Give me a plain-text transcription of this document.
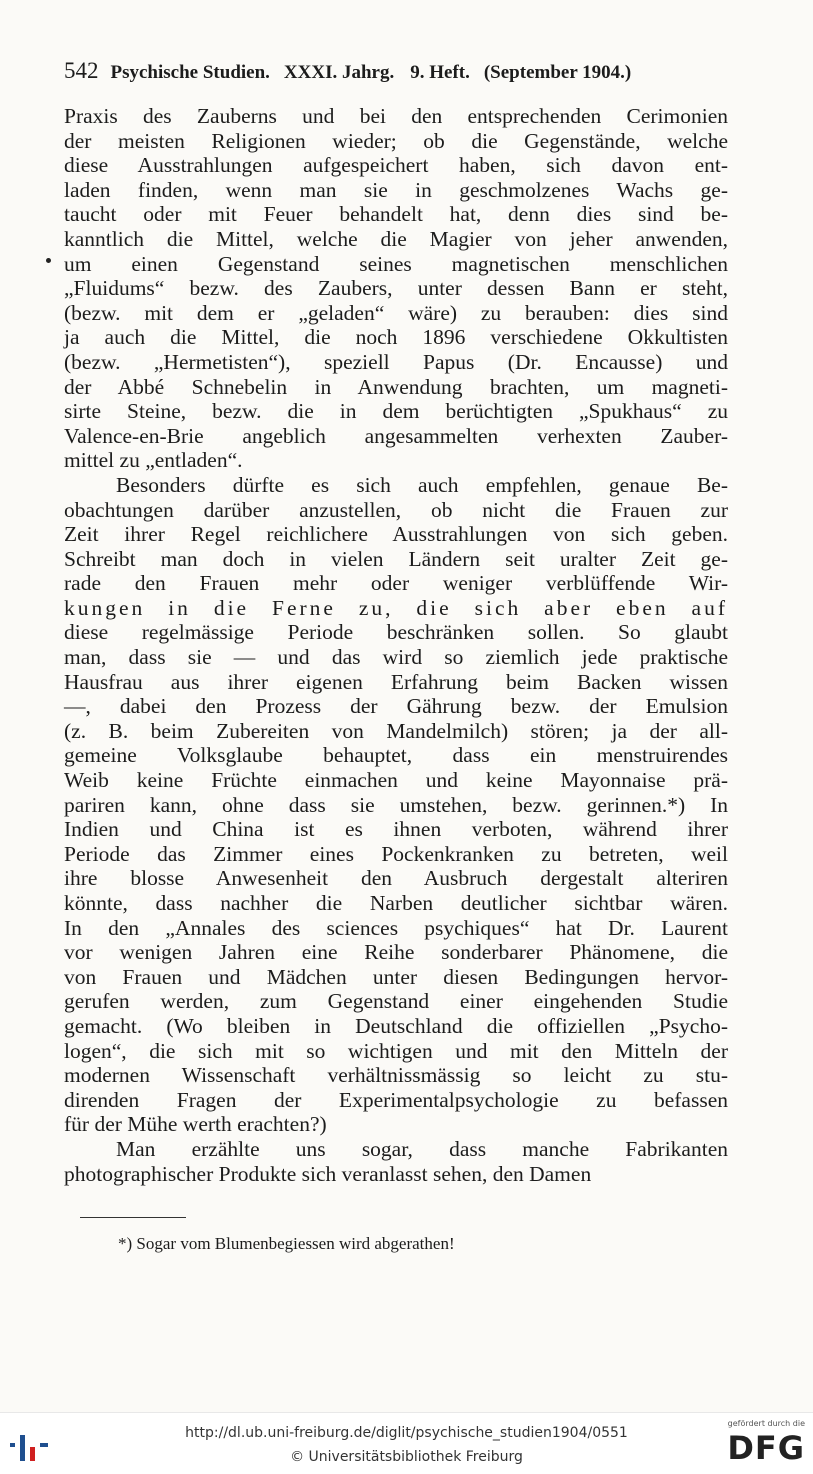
542 Psychische Studien. XXXI. Jahrg. 9. Heft. (September 1904.)
Praxis des Zauberns und bei den entsprechenden Cerimonien
der meisten Religionen wieder; ob die Gegenstände, welche
diese Ausstrahlungen aufgespeichert haben, sich davon ent-
laden finden, wenn man sie in geschmolzenes Wachs ge-
taucht oder mit Feuer behandelt hat, denn dies sind be-
kanntlich die Mittel, welche die Magier von jeher anwenden,
um einen Gegenstand seines magnetischen menschlichen
„Fluidums“ bezw. des Zaubers, unter dessen Bann er steht,
(bezw. mit dem er „geladen“ wäre) zu berauben: dies sind
ja auch die Mittel, die noch 1896 verschiedene Okkultisten
(bezw. „Hermetisten“), speziell Papus (Dr. Encausse) und
der Abbé Schnebelin in Anwendung brachten, um magneti-
sirte Steine, bezw. die in dem berüchtigten „Spukhaus“ zu
Valence-en-Brie angeblich angesammelten verhexten Zauber-
mittel zu „entladen“.
Besonders dürfte es sich auch empfehlen, genaue Be-
obachtungen darüber anzustellen, ob nicht die Frauen zur
Zeit ihrer Regel reichlichere Ausstrahlungen von sich geben.
Schreibt man doch in vielen Ländern seit uralter Zeit ge-
rade den Frauen mehr oder weniger verblüffende Wir-
kungen in die Ferne zu, die sich aber eben auf
diese regelmässige Periode beschränken sollen. So glaubt
man, dass sie — und das wird so ziemlich jede praktische
Hausfrau aus ihrer eigenen Erfahrung beim Backen wissen
—, dabei den Prozess der Gährung bezw. der Emulsion
(z. B. beim Zubereiten von Mandelmilch) stören; ja der all-
gemeine Volksglaube behauptet, dass ein menstruirendes
Weib keine Früchte einmachen und keine Mayonnaise prä-
pariren kann, ohne dass sie umstehen, bezw. gerinnen.*) In
Indien und China ist es ihnen verboten, während ihrer
Periode das Zimmer eines Pockenkranken zu betreten, weil
ihre blosse Anwesenheit den Ausbruch dergestalt alteriren
könnte, dass nachher die Narben deutlicher sichtbar wären.
In den „Annales des sciences psychiques“ hat Dr. Laurent
vor wenigen Jahren eine Reihe sonderbarer Phänomene, die
von Frauen und Mädchen unter diesen Bedingungen hervor-
gerufen werden, zum Gegenstand einer eingehenden Studie
gemacht. (Wo bleiben in Deutschland die offiziellen „Psycho-
logen“, die sich mit so wichtigen und mit den Mitteln der
modernen Wissenschaft verhältnissmässig so leicht zu stu-
direnden Fragen der Experimentalpsychologie zu befassen
für der Mühe werth erachten?)
Man erzählte uns sogar, dass manche Fabrikanten
photographischer Produkte sich veranlasst sehen, den Damen
*) Sogar vom Blumenbegiessen wird abgerathen!
http://dl.ub.uni-freiburg.de/diglit/psychische_studien1904/0551
© Universitätsbibliothek Freiburg
gefördert durch die
DFG
